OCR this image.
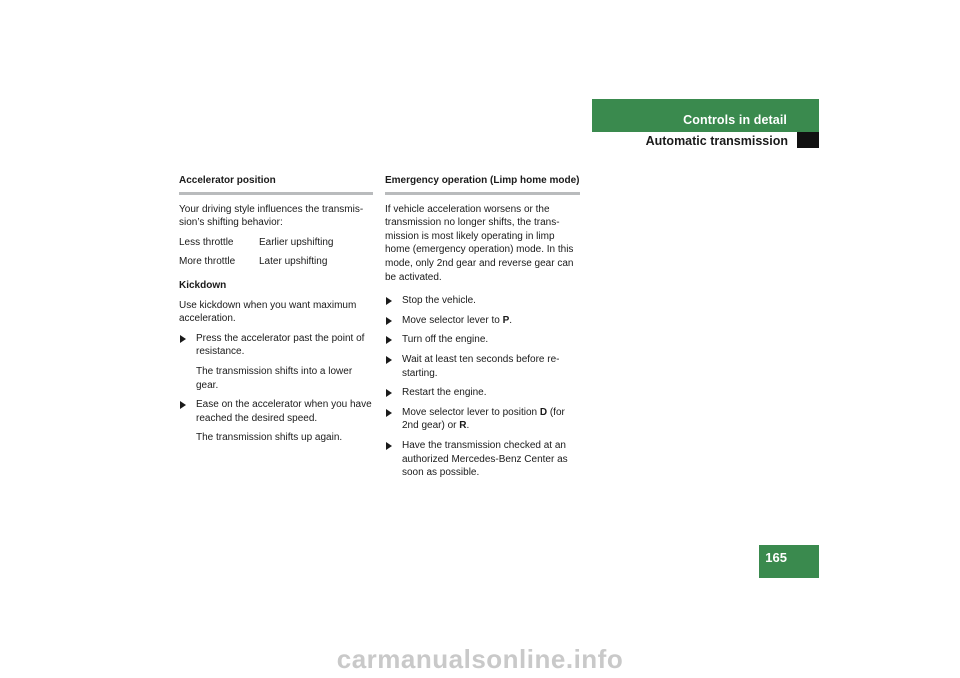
Controls in detail
Automatic transmission
Accelerator position

Your driving style influences the transmis-sion’s shifting behavior:

Less throttle	Earlier upshifting
More throttle	Later upshifting
Kickdown

Use kickdown when you want maximum acceleration.

Press the accelerator past the point of resistance.
The transmission shifts into a lower gear.
Ease on the accelerator when you have reached the desired speed.
The transmission shifts up again.
Emergency operation (Limp home mode)

If vehicle acceleration worsens or the transmission no longer shifts, the trans-mission is most likely operating in limp home (emergency operation) mode. In this mode, only 2nd gear and reverse gear can be activated.

Stop the vehicle.
Move selector lever to P.
Turn off the engine.
Wait at least ten seconds before re-starting.
Restart the engine.
Move selector lever to position D (for 2nd gear) or R.
Have the transmission checked at an authorized Mercedes-Benz Center as soon as possible.
165
carmanualsonline.info
